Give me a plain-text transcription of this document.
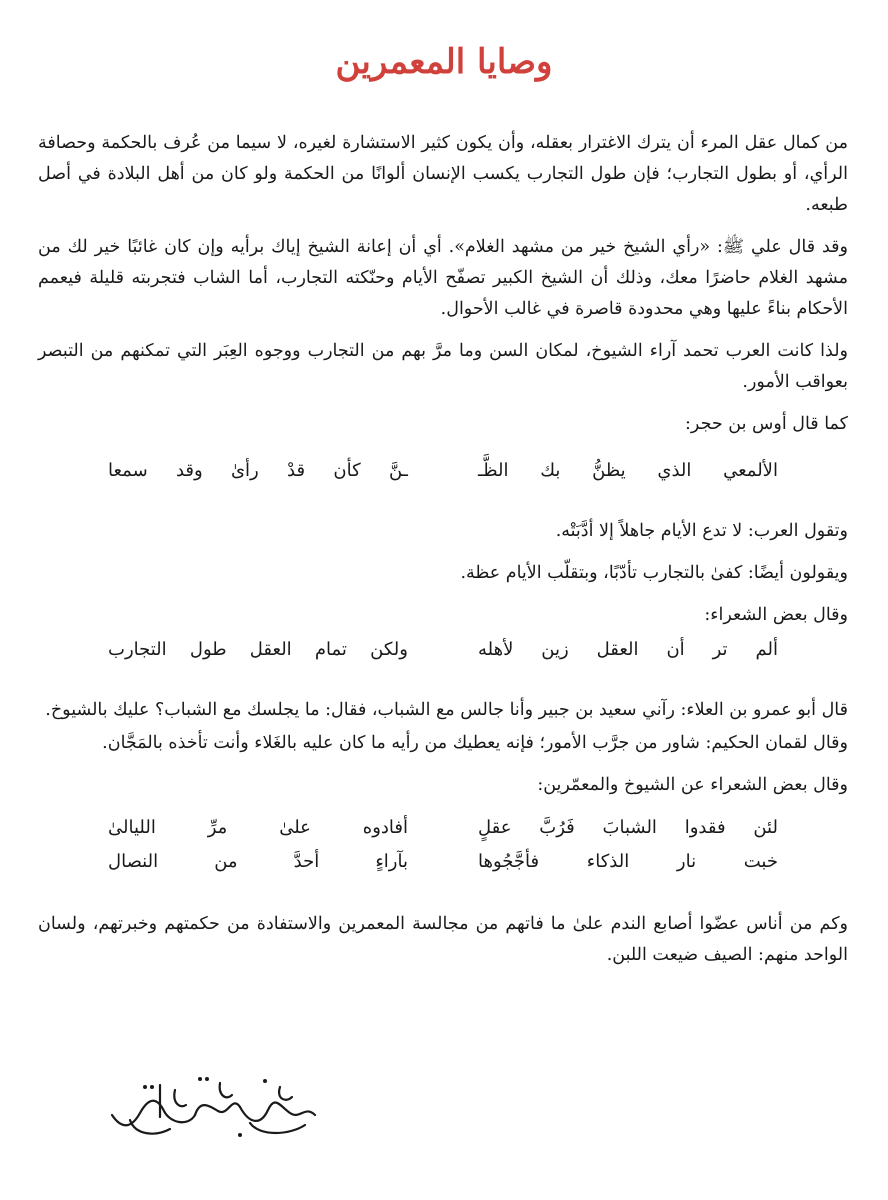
وصايا المعمرين

من كمال عقل المرء أن يترك الاغترار بعقله، وأن يكون كثير الاستشارة لغيره، لا سيما من عُرف بالحكمة وحصافة الرأي، أو بطول التجارب؛ فإن طول التجارب يكسب الإنسان ألوانًا من الحكمة ولو كان من أهل البلادة في أصل طبعه.

وقد قال علي ﷺ: «رأي الشيخ خير من مشهد الغلام». أي أن إعانة الشيخ إياك برأيه وإن كان غائبًا خير لك من مشهد الغلام حاضرًا معك، وذلك أن الشيخ الكبير تصفّح الأيام وحنّكته التجارب، أما الشاب فتجربته قليلة فيعمم الأحكام بناءً عليها وهي محدودة قاصرة في غالب الأحوال.

ولذا كانت العرب تحمد آراء الشيوخ، لمكان السن وما مرَّ بهم من التجارب ووجوه العِبَر التي تمكنهم من التبصر بعواقب الأمور.

كما قال أوس بن حجر:

الألمعي الذي يظنُّ بك الظَّـ
ـنَّ كأن قدْ رأىٰ وقد سمعا

وتقول العرب: لا تدع الأيام جاهلاً إلا أدَّبَتْه.

ويقولون أيضًا: كفىٰ بالتجارب تأدّبًا، وبتقلّب الأيام عظة.

وقال بعض الشعراء:

ألم تر أن العقل زين لأهله
ولكن تمام العقل طول التجارب

قال أبو عمرو بن العلاء: رآني سعيد بن جبير وأنا جالس مع الشباب، فقال: ما يجلسك مع الشباب؟ عليك بالشيوخ.

وقال لقمان الحكيم: شاور من جرَّب الأمور؛ فإنه يعطيك من رأيه ما كان عليه بالغَلاء وأنت تأخذه بالمَجَّان.

وقال بعض الشعراء عن الشيوخ والمعمّرين:

لئن فقدوا الشبابَ فَرُبَّ عقلٍ
أفادوه علىٰ مرِّ الليالىٰ
خبت نار الذكاء فأجَّجُوها
بآراءٍ أحدَّ من النصال

وكم من أناس عضّوا أصابع الندم علىٰ ما فاتهم من مجالسة المعمرين والاستفادة من حكمتهم وخبرتهم، ولسان الواحد منهم: الصيف ضيعت اللبن.
